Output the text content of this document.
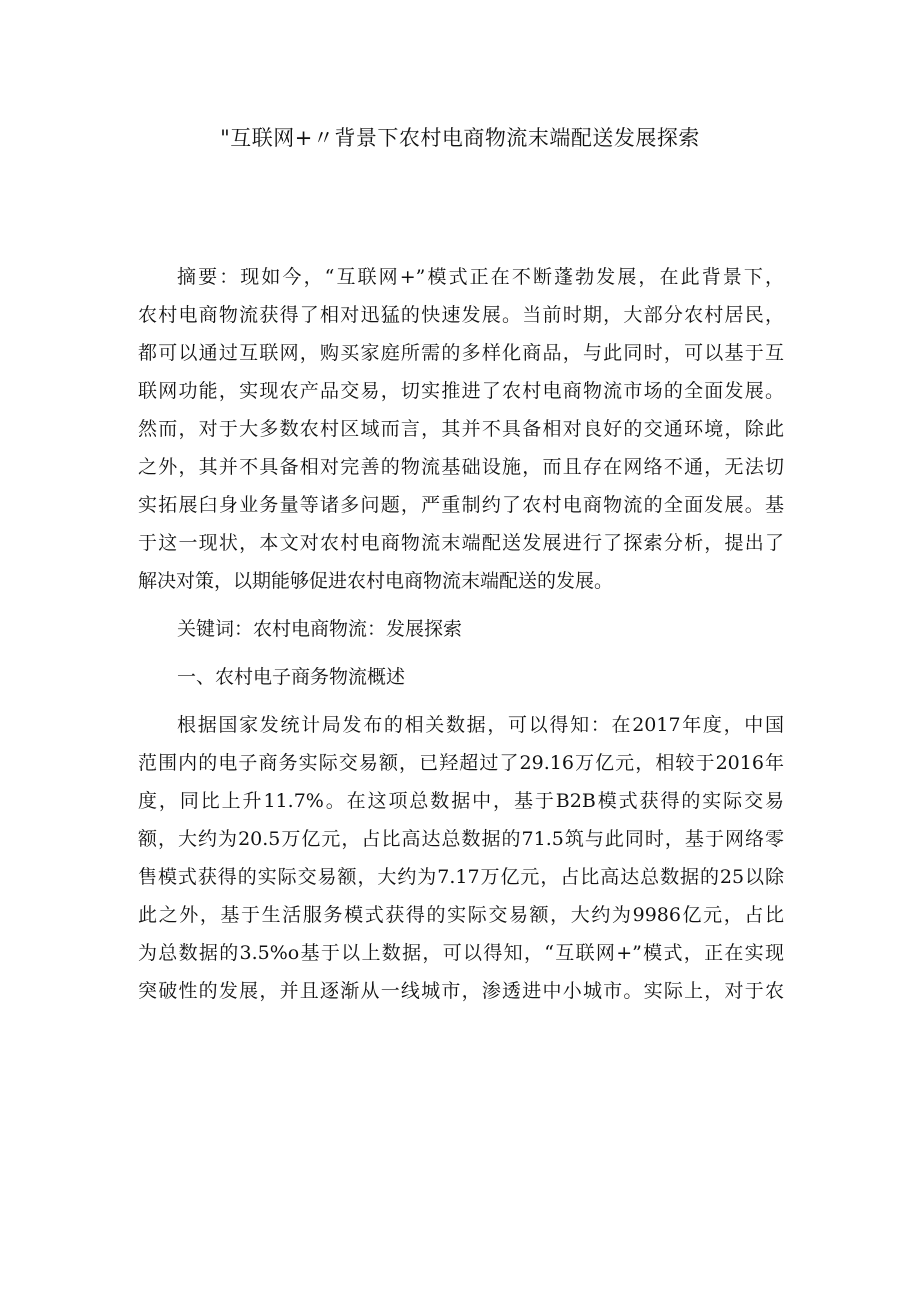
"互联网+〃背景下农村电商物流末端配送发展探索
摘要：现如今，“互联网+”模式正在不断蓬勃发展，在此背景下，
农村电商物流获得了相对迅猛的快速发展。当前时期，大部分农村居民，
都可以通过互联网，购买家庭所需的多样化商品，与此同时，可以基于互
联网功能，实现农产品交易，切实推进了农村电商物流市场的全面发展。
然而，对于大多数农村区域而言，其并不具备相对良好的交通环境，除此
之外，其并不具备相对完善的物流基础设施，而且存在网络不通，无法切
实拓展臼身业务量等诸多问题，严重制约了农村电商物流的全面发展。基
于这一现状，本文对农村电商物流末端配送发展进行了探索分析，提出了
解决对策，以期能够促进农村电商物流末端配送的发展。
关键词：农村电商物流：发展探索
一、农村电子商务物流概述
根据国家发统计局发布的相关数据，可以得知：在2017年度，中国
范围内的电子商务实际交易额，已羟超过了29.16万亿元，相较于2016年
度，同比上升11.7%。在这项总数据中，基于B2B模式获得的实际交易
额，大约为20.5万亿元，占比高达总数据的71.5筑与此同时，基于网络零
售模式获得的实际交易额，大约为7.17万亿元，占比高达总数据的25以除
此之外，基于生活服务模式获得的实际交易额，大约为9986亿元，占比
为总数据的3.5%o基于以上数据，可以得知，“互联网+”模式，正在实现
突破性的发展，并且逐渐从一线城市，渗透进中小城市。实际上，对于农
